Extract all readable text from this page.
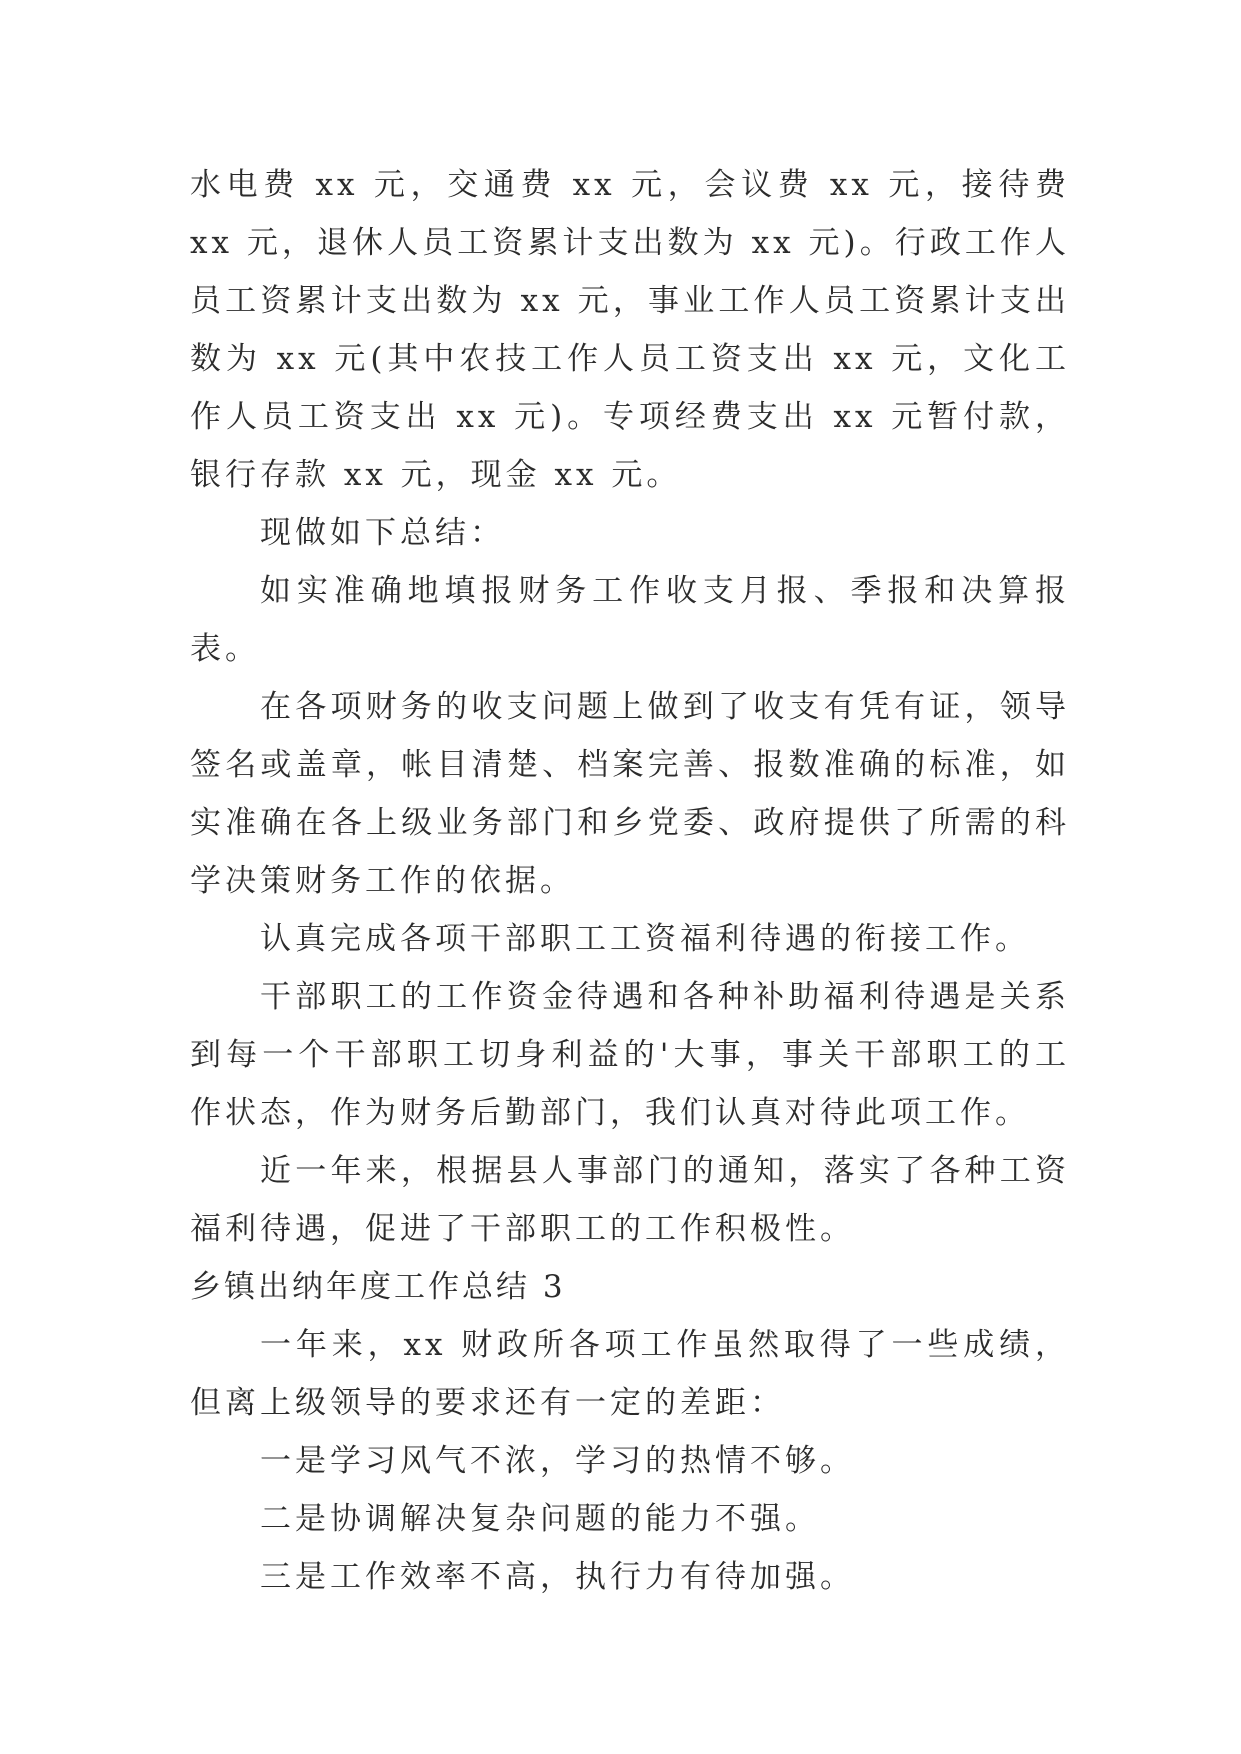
水电费 xx 元，交通费 xx 元，会议费 xx 元，接待费 xx 元，退休人员工资累计支出数为 xx 元)。行政工作人员工资累计支出数为 xx 元，事业工作人员工资累计支出数为 xx 元(其中农技工作人员工资支出 xx 元，文化工作人员工资支出 xx 元)。专项经费支出 xx 元暂付款，银行存款 xx 元，现金 xx 元。

现做如下总结：

如实准确地填报财务工作收支月报、季报和决算报表。

在各项财务的收支问题上做到了收支有凭有证，领导签名或盖章，帐目清楚、档案完善、报数准确的标准，如实准确在各上级业务部门和乡党委、政府提供了所需的科学决策财务工作的依据。

认真完成各项干部职工工资福利待遇的衔接工作。

干部职工的工作资金待遇和各种补助福利待遇是关系到每一个干部职工切身利益的'大事，事关干部职工的工作状态，作为财务后勤部门，我们认真对待此项工作。

近一年来，根据县人事部门的通知，落实了各种工资福利待遇，促进了干部职工的工作积极性。

乡镇出纳年度工作总结 3

一年来，xx 财政所各项工作虽然取得了一些成绩，但离上级领导的要求还有一定的差距：

一是学习风气不浓，学习的热情不够。

二是协调解决复杂问题的能力不强。

三是工作效率不高，执行力有待加强。
